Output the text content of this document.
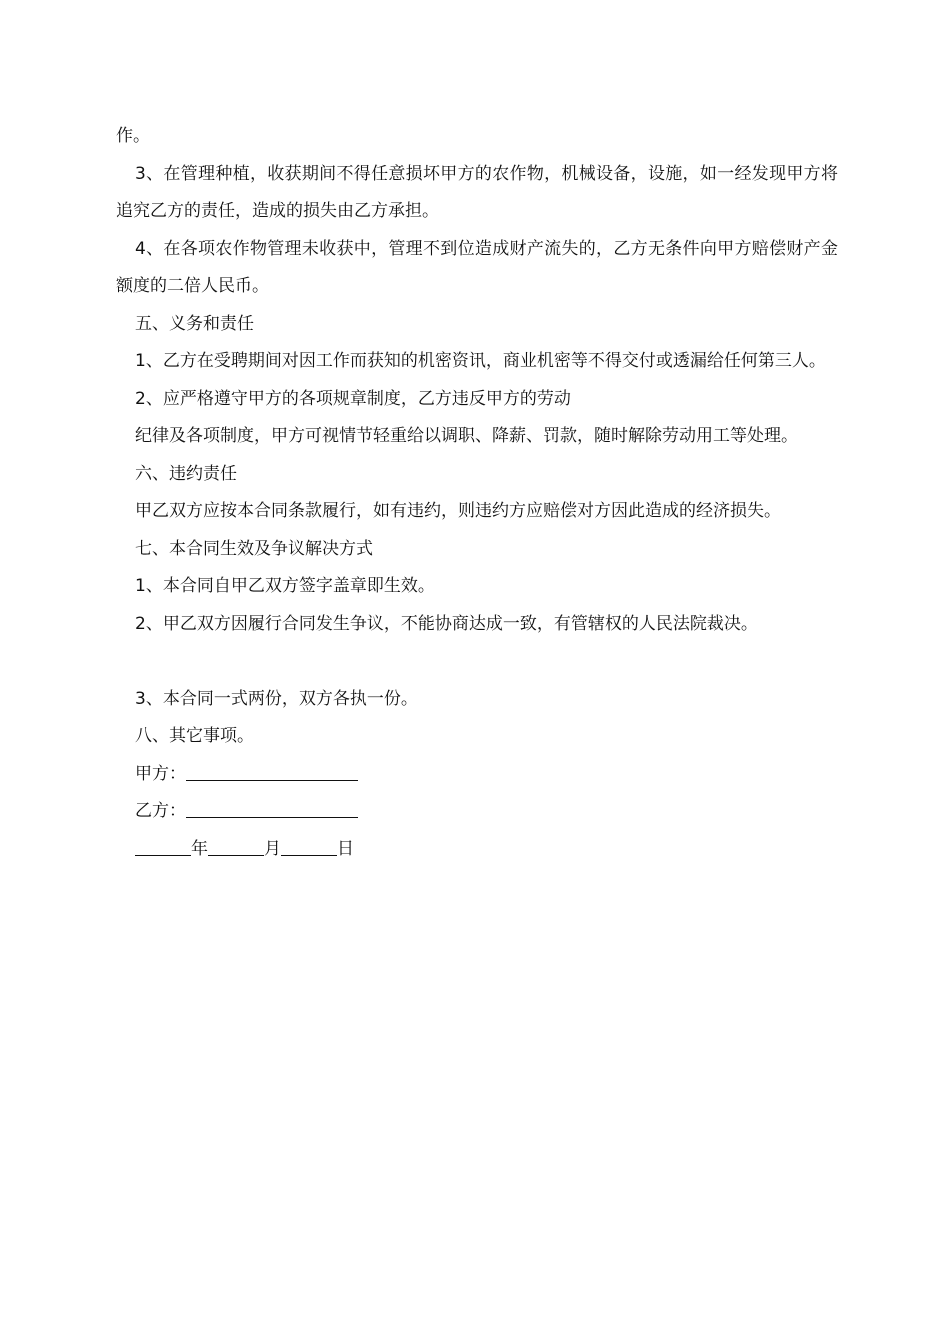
作。

3、在管理种植，收获期间不得任意损坏甲方的农作物，机械设备，设施，如一经发现甲方将追究乙方的责任，造成的损失由乙方承担。

4、在各项农作物管理未收获中，管理不到位造成财产流失的，乙方无条件向甲方赔偿财产金额度的二倍人民币。

五、义务和责任

1、乙方在受聘期间对因工作而获知的机密资讯，商业机密等不得交付或透漏给任何第三人。

2、应严格遵守甲方的各项规章制度，乙方违反甲方的劳动

纪律及各项制度，甲方可视情节轻重给以调职、降薪、罚款，随时解除劳动用工等处理。

六、违约责任

甲乙双方应按本合同条款履行，如有违约，则违约方应赔偿对方因此造成的经济损失。

七、本合同生效及争议解决方式

1、本合同自甲乙双方签字盖章即生效。

2、甲乙双方因履行合同发生争议，不能协商达成一致，有管辖权的人民法院裁决。

3、本合同一式两份，双方各执一份。

八、其它事项。

甲方：

乙方：

年	月	日
